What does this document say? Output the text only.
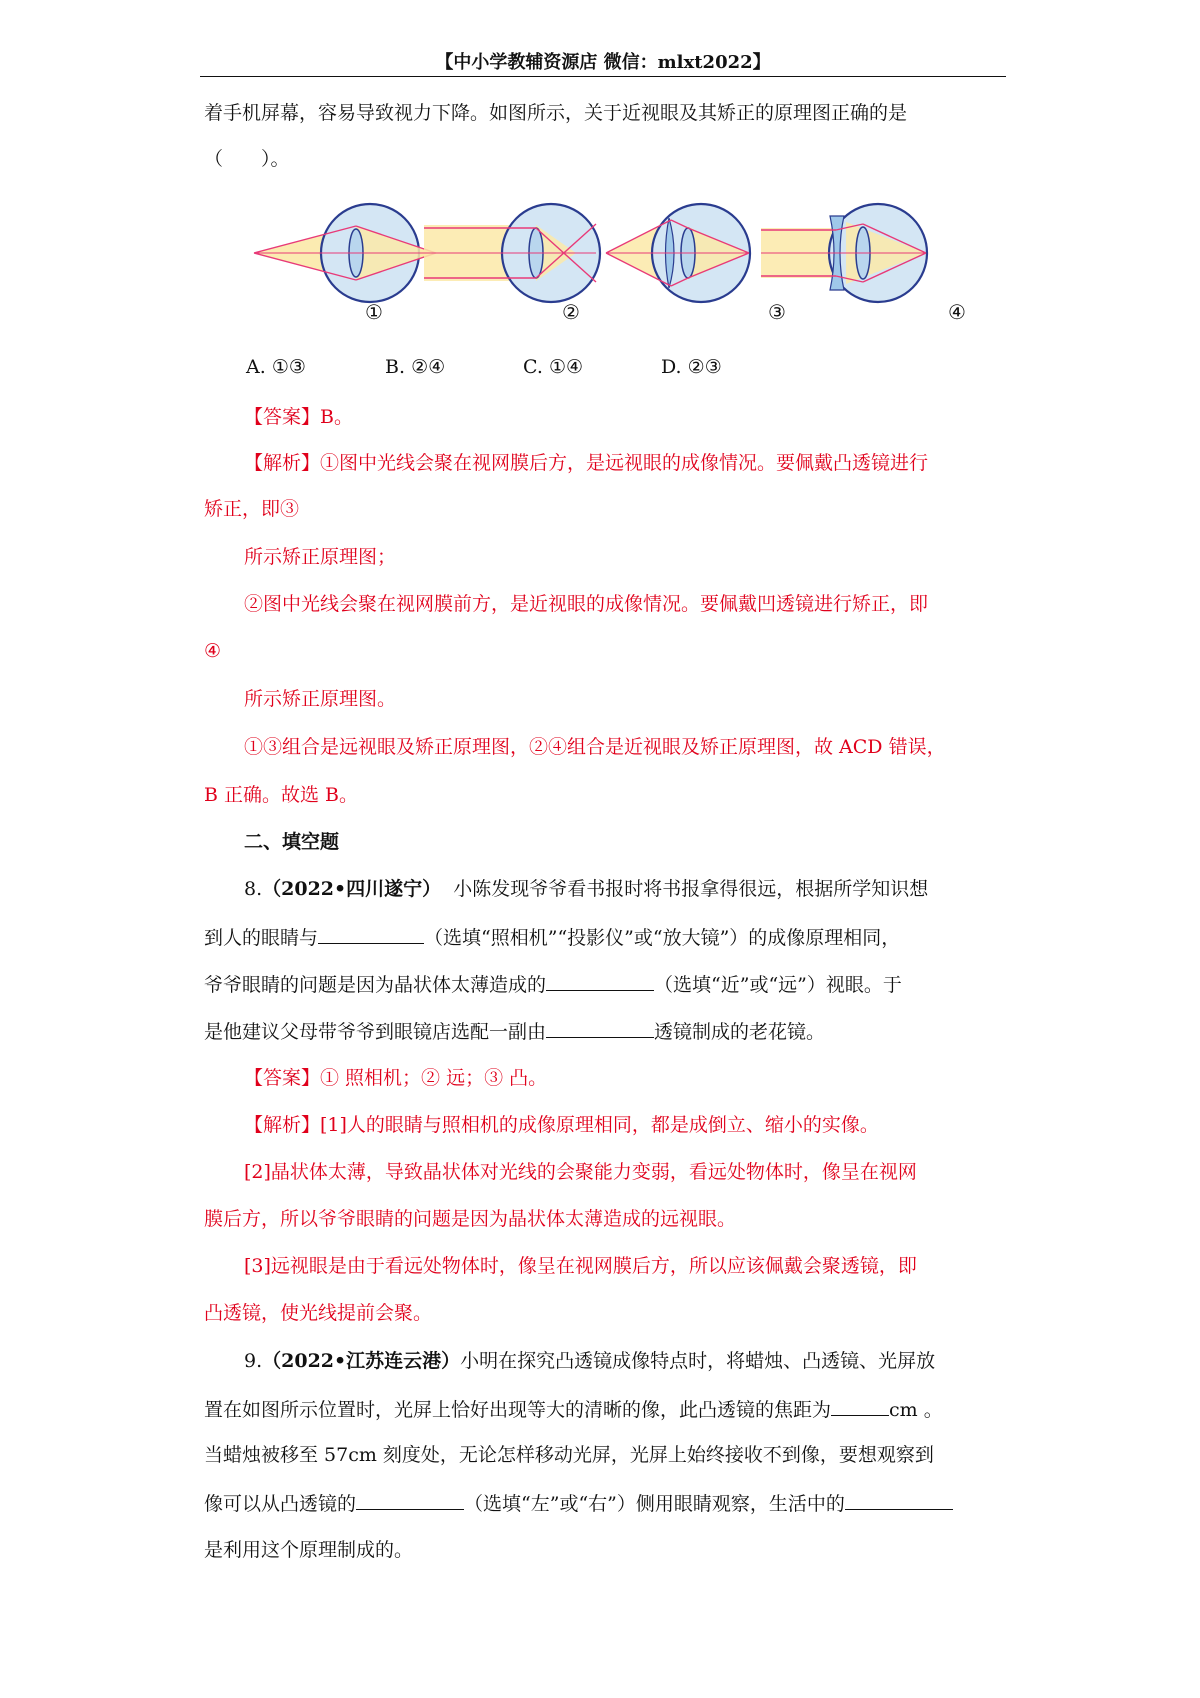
【中小学教辅资源店 微信：mlxt2022】
着手机屏幕，容易导致视力下降。如图所示，关于近视眼及其矫正的原理图正确的是
（　　）。
①	②	③	④
A. ①③	B. ②④	C. ①④	D. ②③
【答案】B。
【解析】①图中光线会聚在视网膜后方，是远视眼的成像情况。要佩戴凸透镜进行
矫正，即③
所示矫正原理图；
②图中光线会聚在视网膜前方，是近视眼的成像情况。要佩戴凹透镜进行矫正，即
④
所示矫正原理图。
①③组合是远视眼及矫正原理图，②④组合是近视眼及矫正原理图，故 ACD 错误，
B 正确。故选 B。
二、填空题
8.（2022•四川遂宁） 小陈发现爷爷看书报时将书报拿得很远，根据所学知识想
到人的眼睛与	（选填“照相机”“投影仪”或“放大镜”）的成像原理相同，
爷爷眼睛的问题是因为晶状体太薄造成的	（选填“近”或“远”）视眼。于
是他建议父母带爷爷到眼镜店选配一副由	透镜制成的老花镜。
【答案】① 照相机；② 远；③ 凸。
【解析】[1]人的眼睛与照相机的成像原理相同，都是成倒立、缩小的实像。
[2]晶状体太薄，导致晶状体对光线的会聚能力变弱，看远处物体时，像呈在视网
膜后方，所以爷爷眼睛的问题是因为晶状体太薄造成的远视眼。
[3]远视眼是由于看远处物体时，像呈在视网膜后方，所以应该佩戴会聚透镜，即
凸透镜，使光线提前会聚。
9.（2022•江苏连云港）小明在探究凸透镜成像特点时，将蜡烛、凸透镜、光屏放
置在如图所示位置时，光屏上恰好出现等大的清晰的像，此凸透镜的焦距为	cm 。
当蜡烛被移至 57cm 刻度处，无论怎样移动光屏，光屏上始终接收不到像，要想观察到
像可以从凸透镜的	（选填“左”或“右”）侧用眼睛观察，生活中的
是利用这个原理制成的。
